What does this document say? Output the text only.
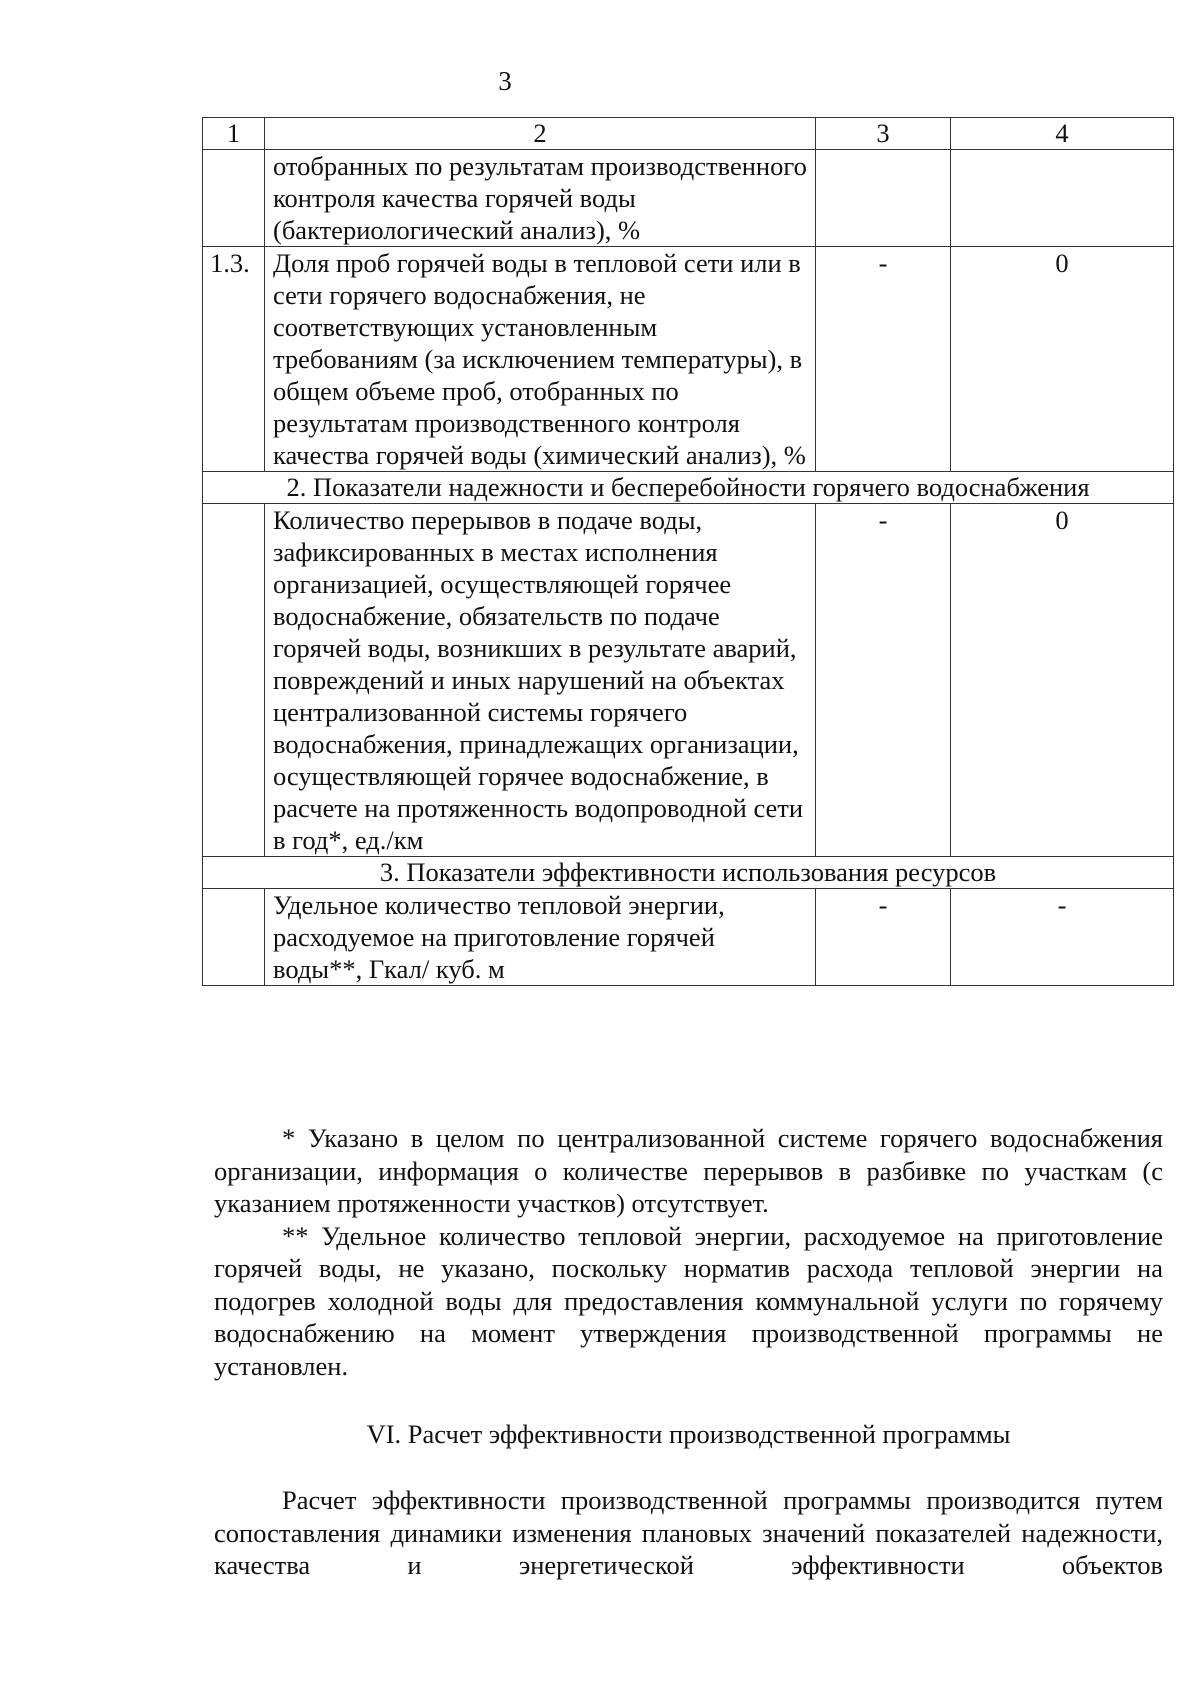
3
1	2	3	4
	отобранных по результатам производственного контроля качества горячей воды (бактериологический анализ), %		
1.3.	Доля проб горячей воды в тепловой сети или в сети горячего водоснабжения, не соответствующих установленным требованиям (за исключением температуры), в общем объеме проб, отобранных по результатам производственного контроля качества горячей воды (химический анализ), %	-	0
2. Показатели надежности и бесперебойности горячего водоснабжения			
	Количество перерывов в подаче воды, зафиксированных в местах исполнения организацией, осуществляющей горячее водоснабжение, обязательств по подаче горячей воды, возникших в результате аварий, повреждений и иных нарушений на объектах централизованной системы горячего водоснабжения, принадлежащих организации, осуществляющей горячее водоснабжение, в расчете на протяженность водопроводной сети в год*, ед./км	-	0
3. Показатели эффективности использования ресурсов			
	Удельное количество тепловой энергии, расходуемое на приготовление горячей воды**, Гкал/ куб. м	-	-

* Указано в целом по централизованной системе горячего водоснабжения организации, информация о количестве перерывов в разбивке по участкам (с указанием протяженности участков) отсутствует.

** Удельное количество тепловой энергии, расходуемое на приготовление горячей воды, не указано, поскольку норматив расхода тепловой энергии на подогрев холодной воды для предоставления коммунальной услуги по горячему водоснабжению на момент утверждения производственной программы не установлен.

VI. Расчет эффективности производственной программы

Расчет эффективности производственной программы производится путем сопоставления динамики изменения плановых значений показателей надежности, качества и энергетической эффективности объектов
